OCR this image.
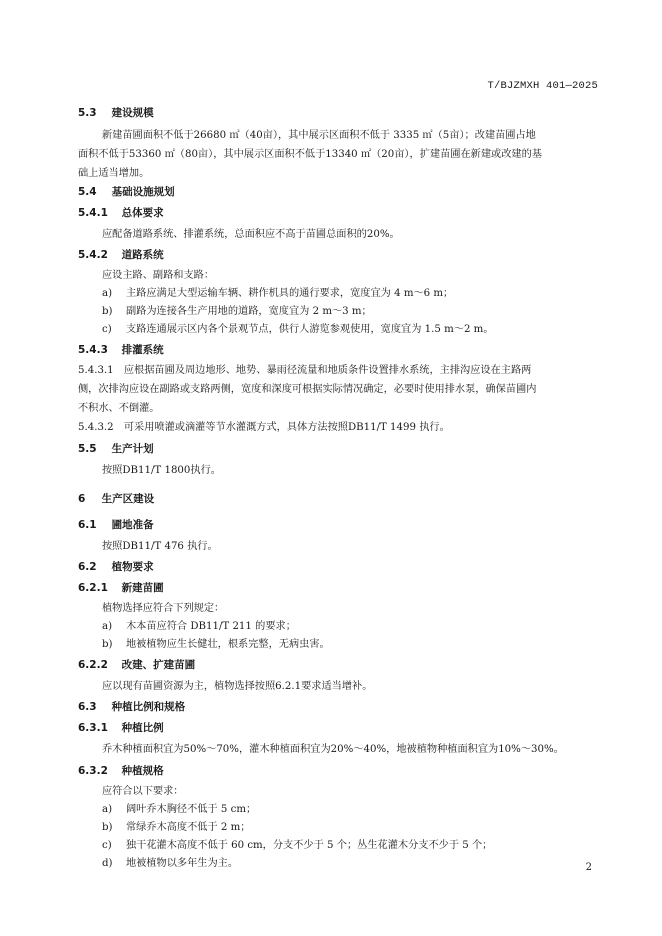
T/BJZMXH 401—2025
5.3 建设规模
新建苗圃面积不低于26680 ㎡（40亩），其中展示区面积不低于 3335 ㎡（5亩）；改建苗圃占地
面积不低于53360 ㎡（80亩），其中展示区面积不低于13340 ㎡（20亩），扩建苗圃在新建或改建的基
础上适当增加。
5.4 基础设施规划
5.4.1 总体要求
应配备道路系统、排灌系统，总面积应不高于苗圃总面积的20%。
5.4.2 道路系统
应设主路、副路和支路：
a) 主路应满足大型运输车辆、耕作机具的通行要求，宽度宜为 4 m～6 m；
b) 副路为连接各生产用地的道路，宽度宜为 2 m～3 m；
c) 支路连通展示区内各个景观节点，供行人游览参观使用，宽度宜为 1.5 m～2 m。
5.4.3 排灌系统
5.4.3.1　应根据苗圃及周边地形、地势、暴雨径流量和地质条件设置排水系统，主排沟应设在主路两
侧，次排沟应设在副路或支路两侧，宽度和深度可根据实际情况确定，必要时使用排水泵，确保苗圃内
不积水、不倒灌。
5.4.3.2　可采用喷灌或滴灌等节水灌溉方式，具体方法按照DB11/T 1499 执行。
5.5 生产计划
按照DB11/T 1800执行。
6 生产区建设
6.1 圃地准备
按照DB11/T 476 执行。
6.2 植物要求
6.2.1 新建苗圃
植物选择应符合下列规定：
a) 木本苗应符合 DB11/T 211 的要求；
b) 地被植物应生长健壮，根系完整，无病虫害。
6.2.2 改建、扩建苗圃
应以现有苗圃资源为主，植物选择按照6.2.1要求适当增补。
6.3 种植比例和规格
6.3.1 种植比例
乔木种植面积宜为50%～70%，灌木种植面积宜为20%～40%，地被植物种植面积宜为10%～30%。
6.3.2 种植规格
应符合以下要求：
a) 阔叶乔木胸径不低于 5 cm；
b) 常绿乔木高度不低于 2 m；
c) 独干花灌木高度不低于 60 cm，分支不少于 5 个；丛生花灌木分支不少于 5 个；
d) 地被植物以多年生为主。	2
